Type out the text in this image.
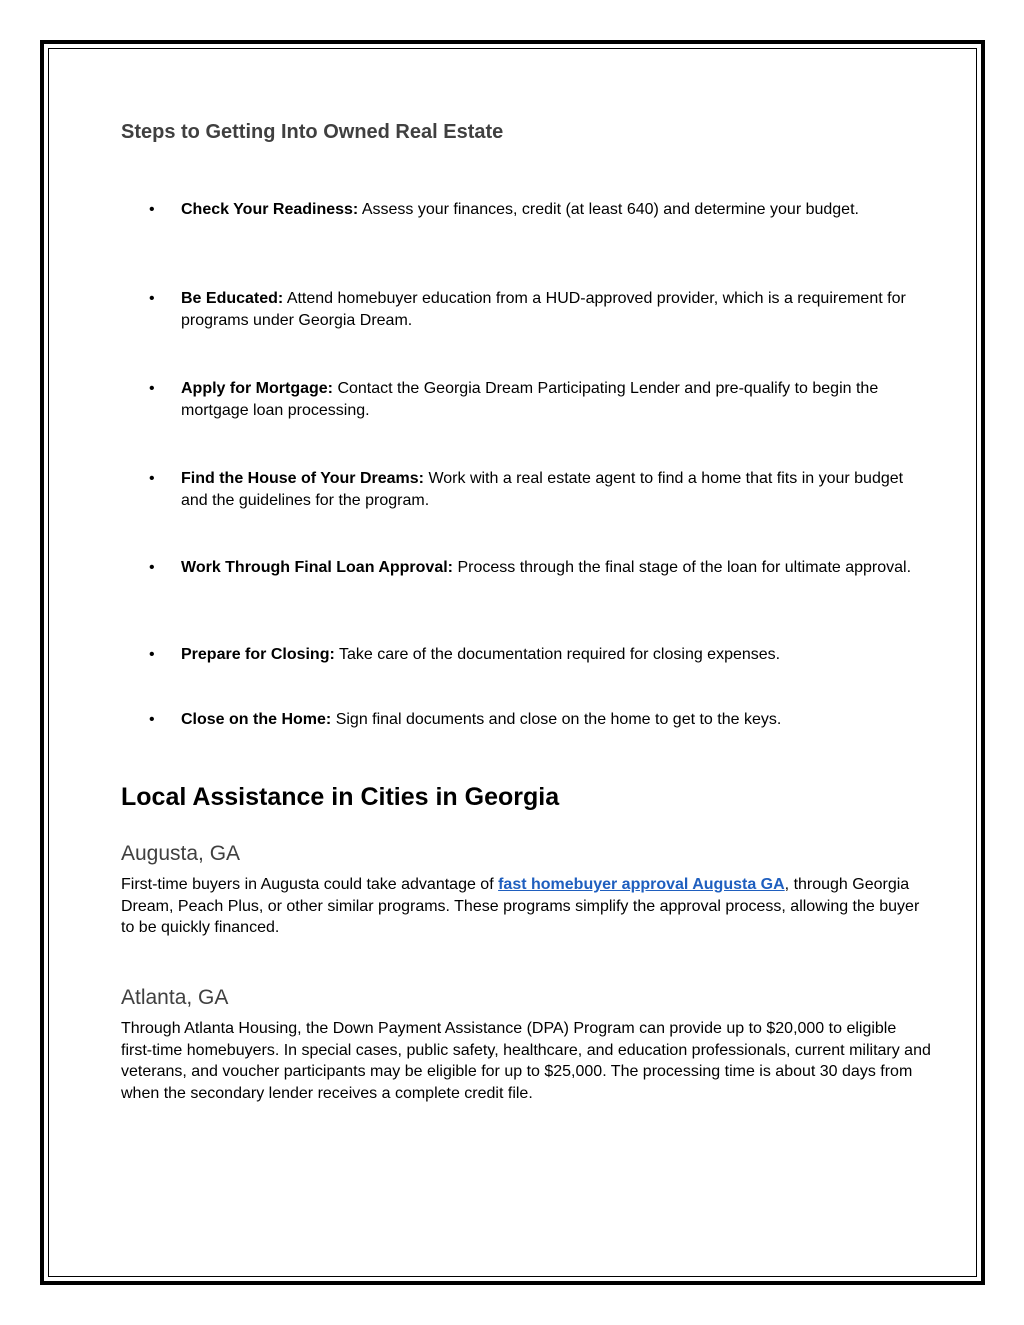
Steps to Getting Into Owned Real Estate
• Check Your Readiness: Assess your finances, credit (at least 640) and determine your budget.
• Be Educated: Attend homebuyer education from a HUD-approved provider, which is a requirement for programs under Georgia Dream.
• Apply for Mortgage: Contact the Georgia Dream Participating Lender and pre-qualify to begin the mortgage loan processing.
• Find the House of Your Dreams: Work with a real estate agent to find a home that fits in your budget and the guidelines for the program.
• Work Through Final Loan Approval: Process through the final stage of the loan for ultimate approval.
• Prepare for Closing: Take care of the documentation required for closing expenses.
• Close on the Home: Sign final documents and close on the home to get to the keys.
Local Assistance in Cities in Georgia
Augusta, GA

First-time buyers in Augusta could take advantage of fast homebuyer approval Augusta GA, through Georgia Dream, Peach Plus, or other similar programs. These programs simplify the approval process, allowing the buyer to be quickly financed.

Atlanta, GA

Through Atlanta Housing, the Down Payment Assistance (DPA) Program can provide up to $20,000 to eligible first-time homebuyers. In special cases, public safety, healthcare, and education professionals, current military and veterans, and voucher participants may be eligible for up to $25,000. The processing time is about 30 days from when the secondary lender receives a complete credit file.
